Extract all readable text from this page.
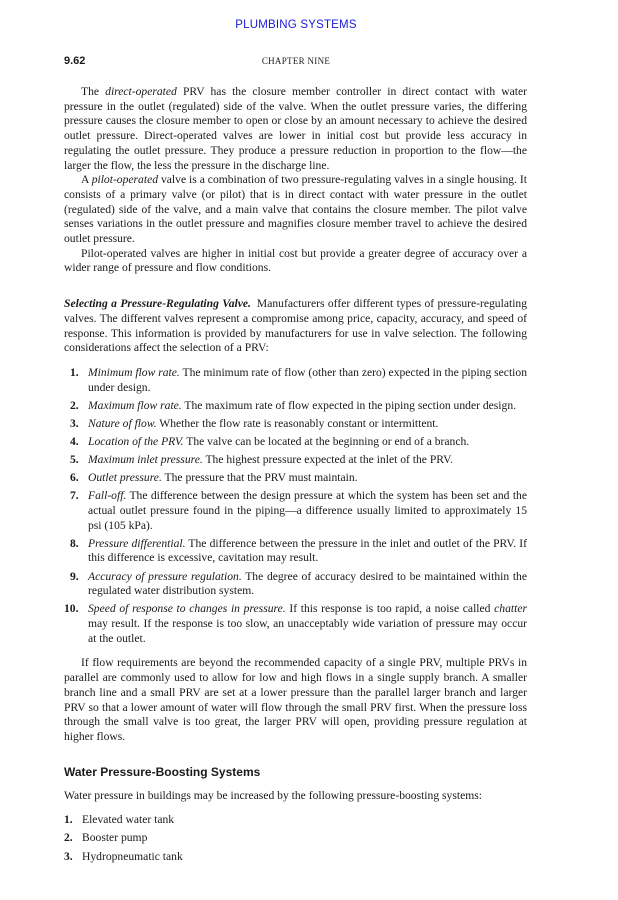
PLUMBING SYSTEMS
9.62	CHAPTER NINE

The direct-operated PRV has the closure member controller in direct contact with water pressure in the outlet (regulated) side of the valve. When the outlet pressure varies, the differing pressure causes the closure member to open or close by an amount necessary to achieve the desired outlet pressure. Direct-operated valves are lower in initial cost but provide less accuracy in regulating the outlet pressure. They produce a pressure reduction in proportion to the flow—the larger the flow, the less the pressure in the discharge line.

A pilot-operated valve is a combination of two pressure-regulating valves in a single housing. It consists of a primary valve (or pilot) that is in direct contact with water pressure in the outlet (regulated) side of the valve, and a main valve that contains the closure member. The pilot valve senses variations in the outlet pressure and magnifies closure member travel to achieve the desired outlet pressure.

Pilot-operated valves are higher in initial cost but provide a greater degree of accuracy over a wider range of pressure and flow conditions.

Selecting a Pressure-Regulating Valve. Manufacturers offer different types of pressure-regulating valves. The different valves represent a compromise among price, capacity, accuracy, and speed of response. This information is provided by manufacturers for use in valve selection. The following considerations affect the selection of a PRV:

1. Minimum flow rate. The minimum rate of flow (other than zero) expected in the piping section under design.
2. Maximum flow rate. The maximum rate of flow expected in the piping section under design.
3. Nature of flow. Whether the flow rate is reasonably constant or intermittent.
4. Location of the PRV. The valve can be located at the beginning or end of a branch.
5. Maximum inlet pressure. The highest pressure expected at the inlet of the PRV.
6. Outlet pressure. The pressure that the PRV must maintain.
7. Fall-off. The difference between the design pressure at which the system has been set and the actual outlet pressure found in the piping—a difference usually limited to approximately 15 psi (105 kPa).
8. Pressure differential. The difference between the pressure in the inlet and outlet of the PRV. If this difference is excessive, cavitation may result.
9. Accuracy of pressure regulation. The degree of accuracy desired to be maintained within the regulated water distribution system.
10. Speed of response to changes in pressure. If this response is too rapid, a noise called chatter may result. If the response is too slow, an unacceptably wide variation of pressure may occur at the outlet.

If flow requirements are beyond the recommended capacity of a single PRV, multiple PRVs in parallel are commonly used to allow for low and high flows in a single supply branch. A smaller branch line and a small PRV are set at a lower pressure than the parallel larger branch and larger PRV so that a lower amount of water will flow through the small PRV first. When the pressure loss through the small valve is too great, the larger PRV will open, providing pressure regulation at higher flows.

Water Pressure-Boosting Systems

Water pressure in buildings may be increased by the following pressure-boosting systems:

1. Elevated water tank
2. Booster pump
3. Hydropneumatic tank
